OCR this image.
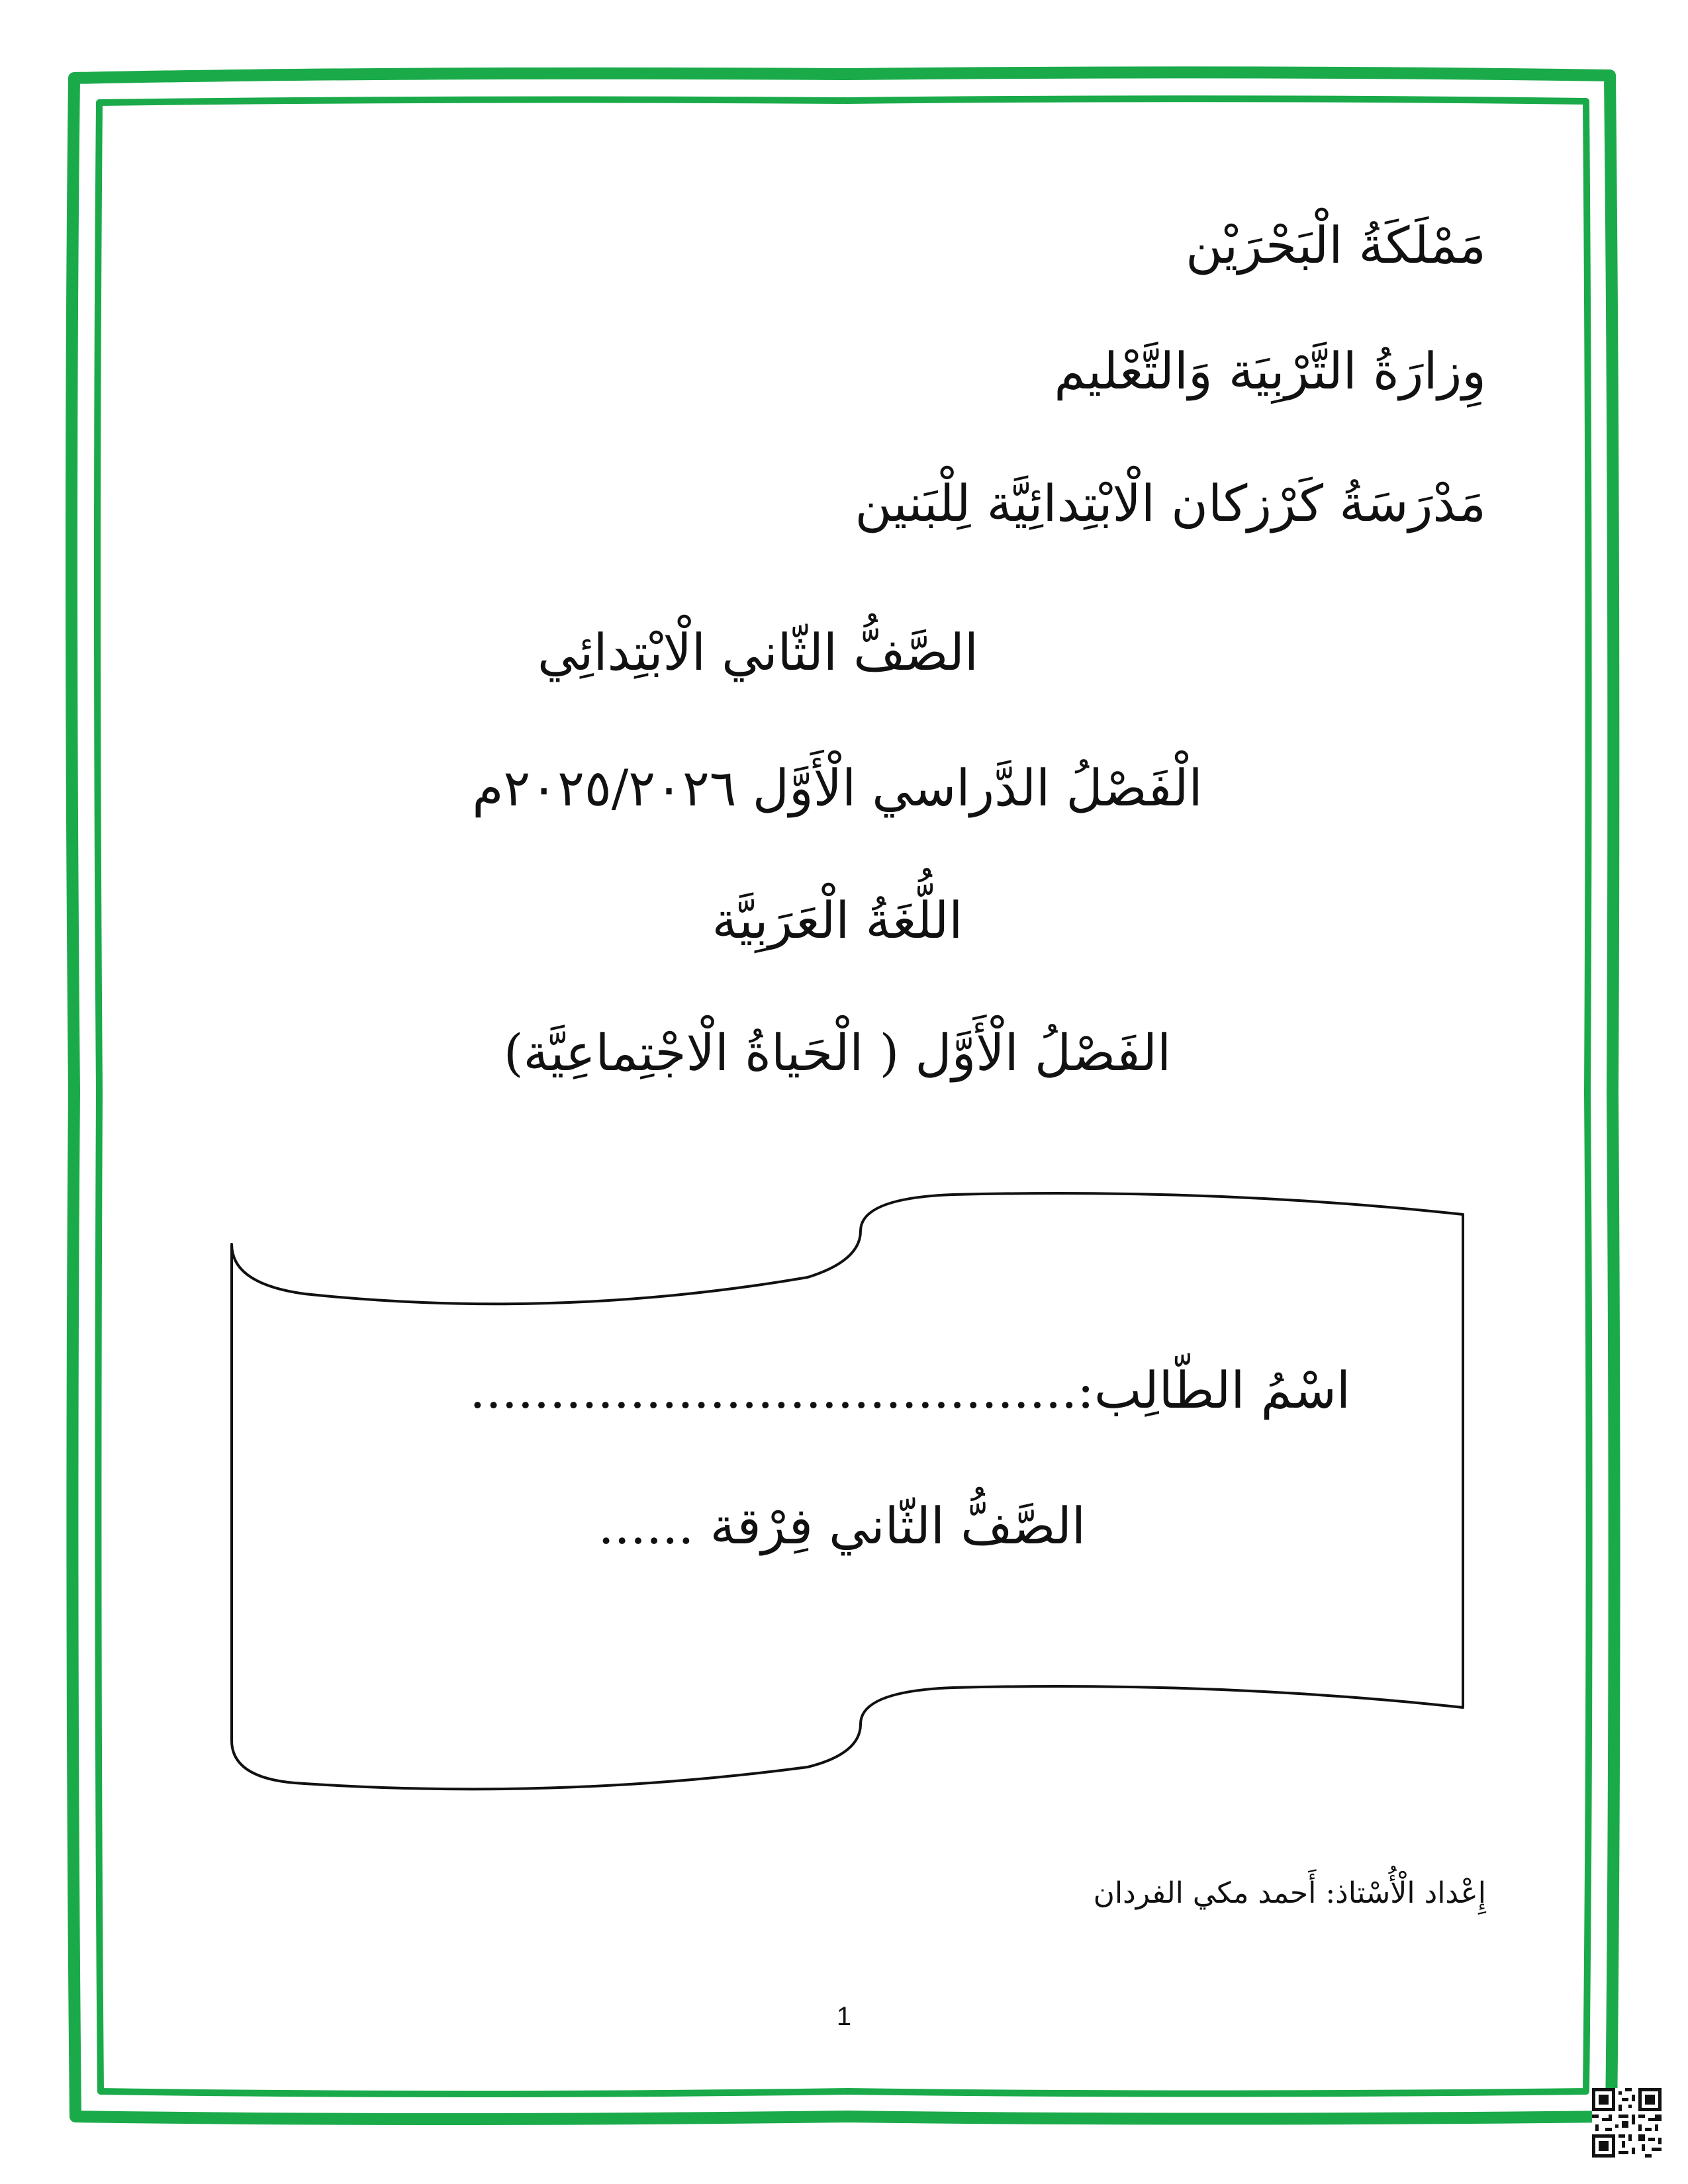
مَمْلَكَةُ الْبَحْرَيْن
وِزارَةُ التَّرْبِيَة وَالتَّعْليم
مَدْرَسَةُ كَرْزكان الْابْتِدائِيَّة لِلْبَنين
الصَّفُّ الثّاني الْابْتِدائِي
الْفَصْلُ الدَّراسي الْأَوَّل ٢٠٢٥/٢٠٢٦م
اللُّغَةُ الْعَرَبِيَّة
الفَصْلُ الْأَوَّل ( الْحَياةُ الْاجْتِماعِيَّة)
اسْمُ الطّالِب:......................................
الصَّفُّ الثّاني فِرْقة ......
إِعْداد الْأُسْتاذ: أَحمد مكي الفردان
1
